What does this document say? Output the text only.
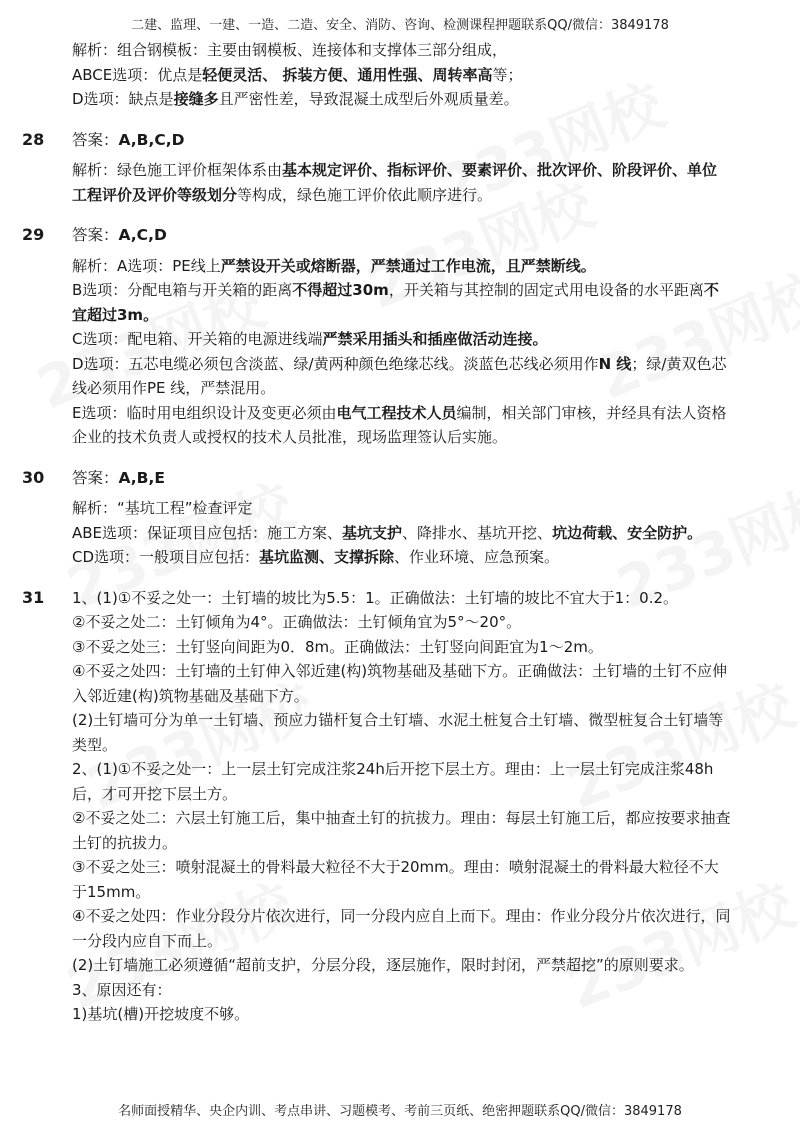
二建、监理、一建、一造、二造、安全、消防、咨询、检测课程押题联系QQ/微信：3849178

解析：组合钢模板：主要由钢模板、连接体和支撑体三部分组成，

ABCE选项：优点是轻便灵活、 拆装方便、通用性强、周转率高等；

D选项：缺点是接缝多且严密性差，导致混凝土成型后外观质量差。

28 答案：A,B,C,D

解析：绿色施工评价框架体系由基本规定评价、指标评价、要素评价、批次评价、阶段评价、单位工程评价及评价等级划分等构成，绿色施工评价依此顺序进行。

29 答案：A,C,D

解析：A选项：PE线上严禁设开关或熔断器，严禁通过工作电流，且严禁断线。

B选项：分配电箱与开关箱的距离不得超过30m，开关箱与其控制的固定式用电设备的水平距离不宜超过3m。

C选项：配电箱、开关箱的电源进线端严禁采用插头和插座做活动连接。

D选项：五芯电缆必须包含淡蓝、绿/黄两种颜色绝缘芯线。淡蓝色芯线必须用作N 线；绿/黄双色芯线必须用作PE 线，严禁混用。

E选项：临时用电组织设计及变更必须由电气工程技术人员编制，相关部门审核，并经具有法人资格企业的技术负责人或授权的技术人员批准，现场监理签认后实施。

30 答案：A,B,E

解析：“基坑工程”检查评定

ABE选项：保证项目应包括：施工方案、基坑支护、降排水、基坑开挖、坑边荷载、安全防护。

CD选项：一般项目应包括：基坑监测、支撑拆除、作业环境、应急预案。

31 1、(1)①不妥之处一：土钉墙的坡比为5.5：1。正确做法：土钉墙的坡比不宜大于1：0.2。

②不妥之处二：土钉倾角为4°。正确做法：土钉倾角宜为5°～20°。

③不妥之处三：土钉竖向间距为0．8m。正确做法：土钉竖向间距宜为1～2m。

④不妥之处四：土钉墙的土钉伸入邻近建(构)筑物基础及基础下方。正确做法：土钉墙的土钉不应伸入邻近建(构)筑物基础及基础下方。

(2)土钉墙可分为单一土钉墙、预应力锚杆复合土钉墙、水泥土桩复合土钉墙、微型桩复合土钉墙等类型。

2、(1)①不妥之处一：上一层土钉完成注浆24h后开挖下层土方。理由：上一层土钉完成注浆48h后，才可开挖下层土方。

②不妥之处二：六层土钉施工后，集中抽查土钉的抗拔力。理由：每层土钉施工后，都应按要求抽查土钉的抗拔力。

③不妥之处三：喷射混凝土的骨料最大粒径不大于20mm。理由：喷射混凝土的骨料最大粒径不大于15mm。

④不妥之处四：作业分段分片依次进行，同一分段内应自上而下。理由：作业分段分片依次进行，同一分段内应自下而上。

(2)土钉墙施工必须遵循“超前支护，分层分段，逐层施作，限时封闭，严禁超挖”的原则要求。

3、原因还有：

1)基坑(槽)开挖坡度不够。

名师面授精华、央企内训、考点串讲、习题模考、考前三页纸、绝密押题联系QQ/微信：3849178
